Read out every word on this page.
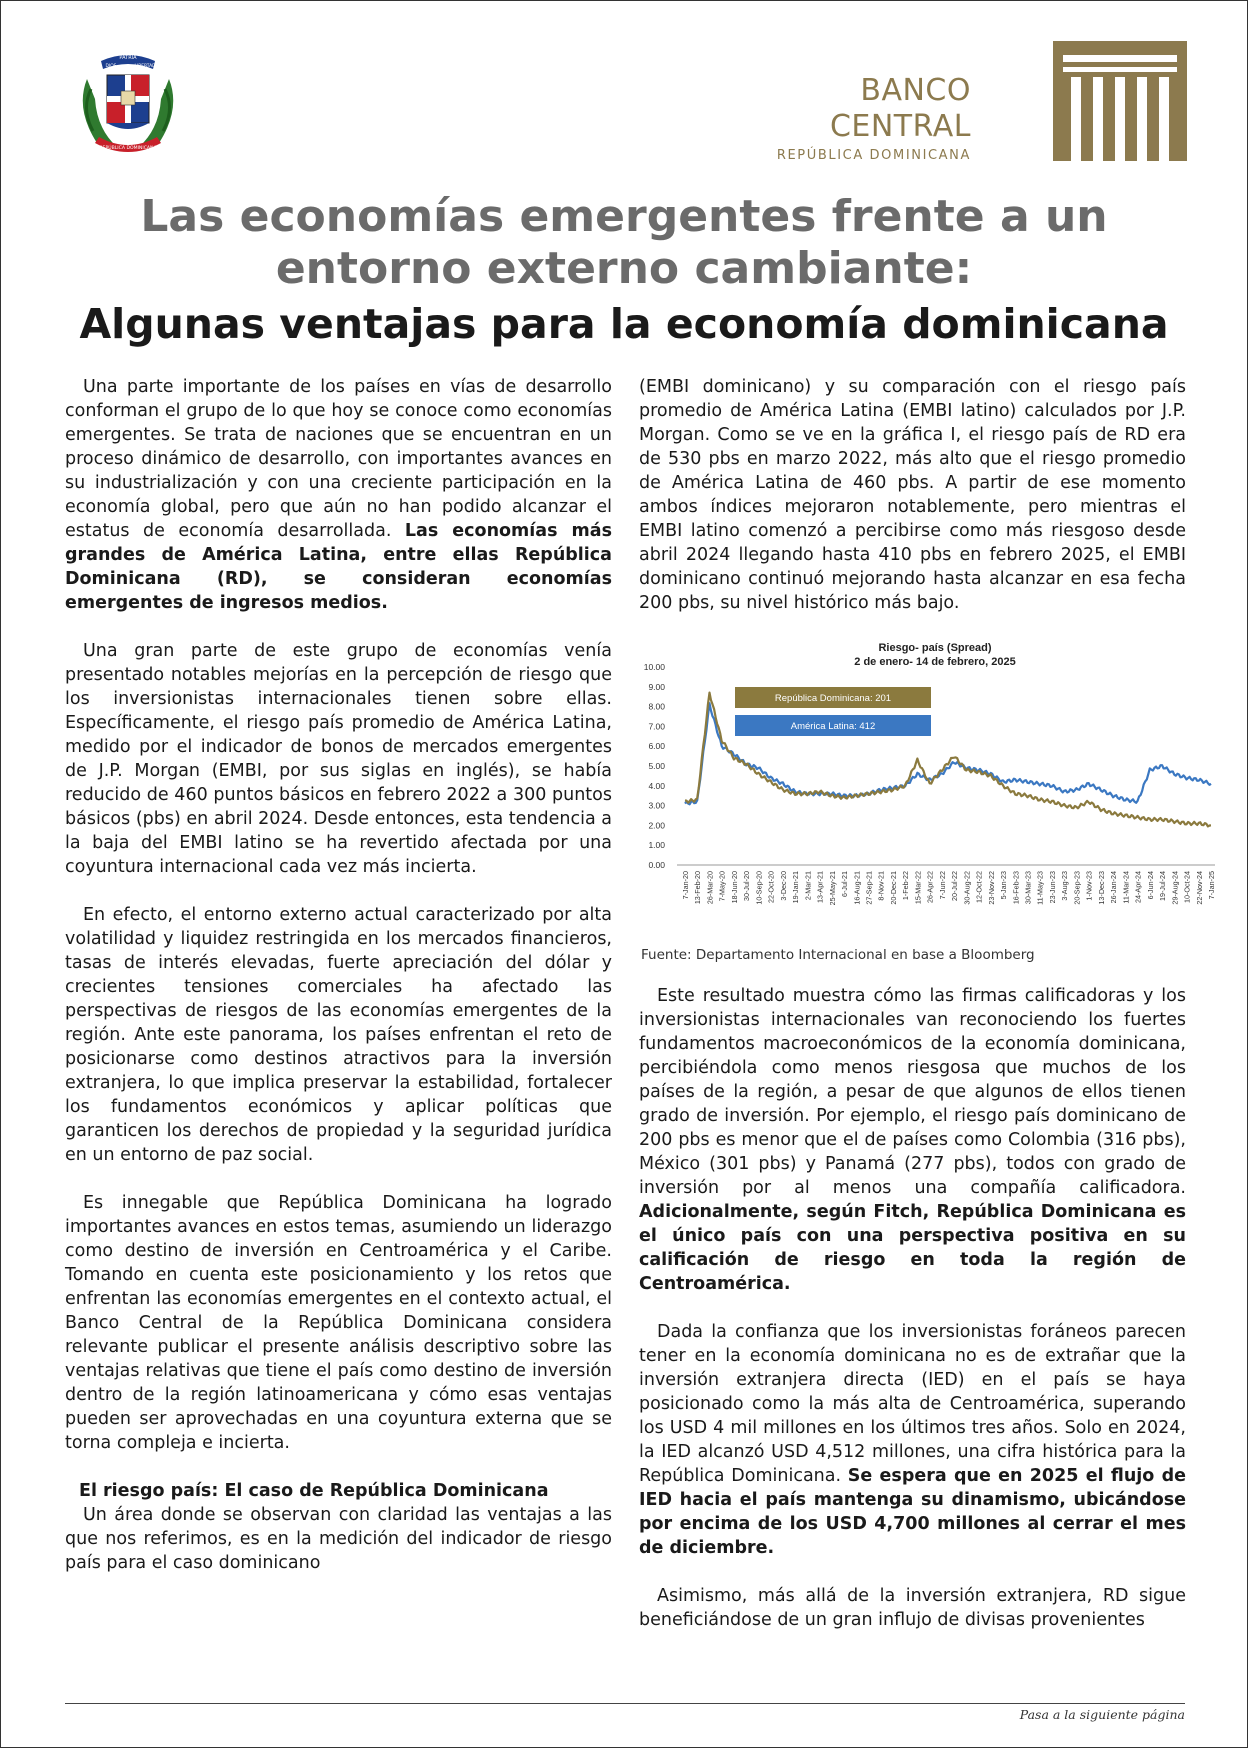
REPÚBLICA DOMINICANA
PATRIA
DIOS	LIBERTAD
BANCO CENTRAL
REPÚBLICA DOMINICANA
Las economías emergentes frente a un
entorno externo cambiante:
Algunas ventajas para la economía dominicana

Una parte importante de los países en vías de desarrollo conforman el grupo de lo que hoy se conoce como economías emergentes. Se trata de naciones que se encuentran en un proceso dinámico de desarrollo, con importantes avances en su industrialización y con una creciente participación en la economía global, pero que aún no han podido alcanzar el estatus de economía desarrollada. Las economías más grandes de América Latina, entre ellas República Dominicana (RD), se consideran economías emergentes de ingresos medios.

Una gran parte de este grupo de economías venía presentado notables mejorías en la percepción de riesgo que los inversionistas internacionales tienen sobre ellas. Específicamente, el riesgo país promedio de América Latina, medido por el indicador de bonos de mercados emergentes de J.P. Morgan (EMBI, por sus siglas en inglés), se había reducido de 460 puntos básicos en febrero 2022 a 300 puntos básicos (pbs) en abril 2024. Desde entonces, esta tendencia a la baja del EMBI latino se ha revertido afectada por una coyuntura internacional cada vez más incierta.

En efecto, el entorno externo actual caracterizado por alta volatilidad y liquidez restringida en los mercados financieros, tasas de interés elevadas, fuerte apreciación del dólar y crecientes tensiones comerciales ha afectado las perspectivas de riesgos de las economías emergentes de la región. Ante este panorama, los países enfrentan el reto de posicionarse como destinos atractivos para la inversión extranjera, lo que implica preservar la estabilidad, fortalecer los fundamentos económicos y aplicar políticas que garanticen los derechos de propiedad y la seguridad jurídica en un entorno de paz social.

Es innegable que República Dominicana ha logrado importantes avances en estos temas, asumiendo un liderazgo como destino de inversión en Centroamérica y el Caribe. Tomando en cuenta este posicionamiento y los retos que enfrentan las economías emergentes en el contexto actual, el Banco Central de la República Dominicana considera relevante publicar el presente análisis descriptivo sobre las ventajas relativas que tiene el país como destino de inversión dentro de la región latinoamericana y cómo esas ventajas pueden ser aprovechadas en una coyuntura externa que se torna compleja e incierta.

El riesgo país: El caso de República Dominicana

Un área donde se observan con claridad las ventajas a las que nos referimos, es en la medición del indicador de riesgo país para el caso dominicano

(EMBI dominicano) y su comparación con el riesgo país promedio de América Latina (EMBI latino) calculados por J.P. Morgan. Como se ve en la gráfica I, el riesgo país de RD era de 530 pbs en marzo 2022, más alto que el riesgo promedio de América Latina de 460 pbs. A partir de ese momento ambos índices mejoraron notablemente, pero mientras el EMBI latino comenzó a percibirse como más riesgoso desde abril 2024 llegando hasta 410 pbs en febrero 2025, el EMBI dominicano continuó mejorando hasta alcanzar en esa fecha 200 pbs, su nivel histórico más bajo.

Riesgo- país (Spread)
2 de enero- 14 de febrero, 2025
0.00
1.00
2.00
3.00
4.00
5.00
6.00
7.00
8.00
9.00
10.00
7-Jan-20 13-Feb-20 26-Mar-20 7-May-20 18-Jun-20 30-Jul-20 10-Sep-20 22-Oct-20 3-Dec-20 19-Jan-21 2-Mar-21 13-Apr-21 25-May-21 6-Jul-21 16-Aug-21 27-Sep-21 8-Nov-21 20-Dec-21 1-Feb-22 15-Mar-22 26-Apr-22 7-Jun-22 20-Jul-22 30-Aug-22 12-Oct-22 23-Nov-22 5-Jan-23 16-Feb-23 30-Mar-23 11-May-23 23-Jun-23 3-Aug-23 20-Sep-23 1-Nov-23 13-Dec-23 26-Jan-24 11-Mar-24 24-Apr-24 6-Jun-24 19-Jul-24 29-Aug-24 10-Oct-24 22-Nov-24 7-Jan-25
República Dominicana: 201
América Latina: 412
Fuente: Departamento Internacional en base a Bloomberg

Este resultado muestra cómo las firmas calificadoras y los inversionistas internacionales van reconociendo los fuertes fundamentos macroeconómicos de la economía dominicana, percibiéndola como menos riesgosa que muchos de los países de la región, a pesar de que algunos de ellos tienen grado de inversión. Por ejemplo, el riesgo país dominicano de 200 pbs es menor que el de países como Colombia (316 pbs), México (301 pbs) y Panamá (277 pbs), todos con grado de inversión por al menos una compañía calificadora. Adicionalmente, según Fitch, República Dominicana es el único país con una perspectiva positiva en su calificación de riesgo en toda la región de Centroamérica.

Dada la confianza que los inversionistas foráneos parecen tener en la economía dominicana no es de extrañar que la inversión extranjera directa (IED) en el país se haya posicionado como la más alta de Centroamérica, superando los USD 4 mil millones en los últimos tres años. Solo en 2024, la IED alcanzó USD 4,512 millones, una cifra histórica para la República Dominicana. Se espera que en 2025 el flujo de IED hacia el país mantenga su dinamismo, ubicándose por encima de los USD 4,700 millones al cerrar el mes de diciembre.

Asimismo, más allá de la inversión extranjera, RD sigue beneficiándose de un gran influjo de divisas provenientes

Pasa a la siguiente página
